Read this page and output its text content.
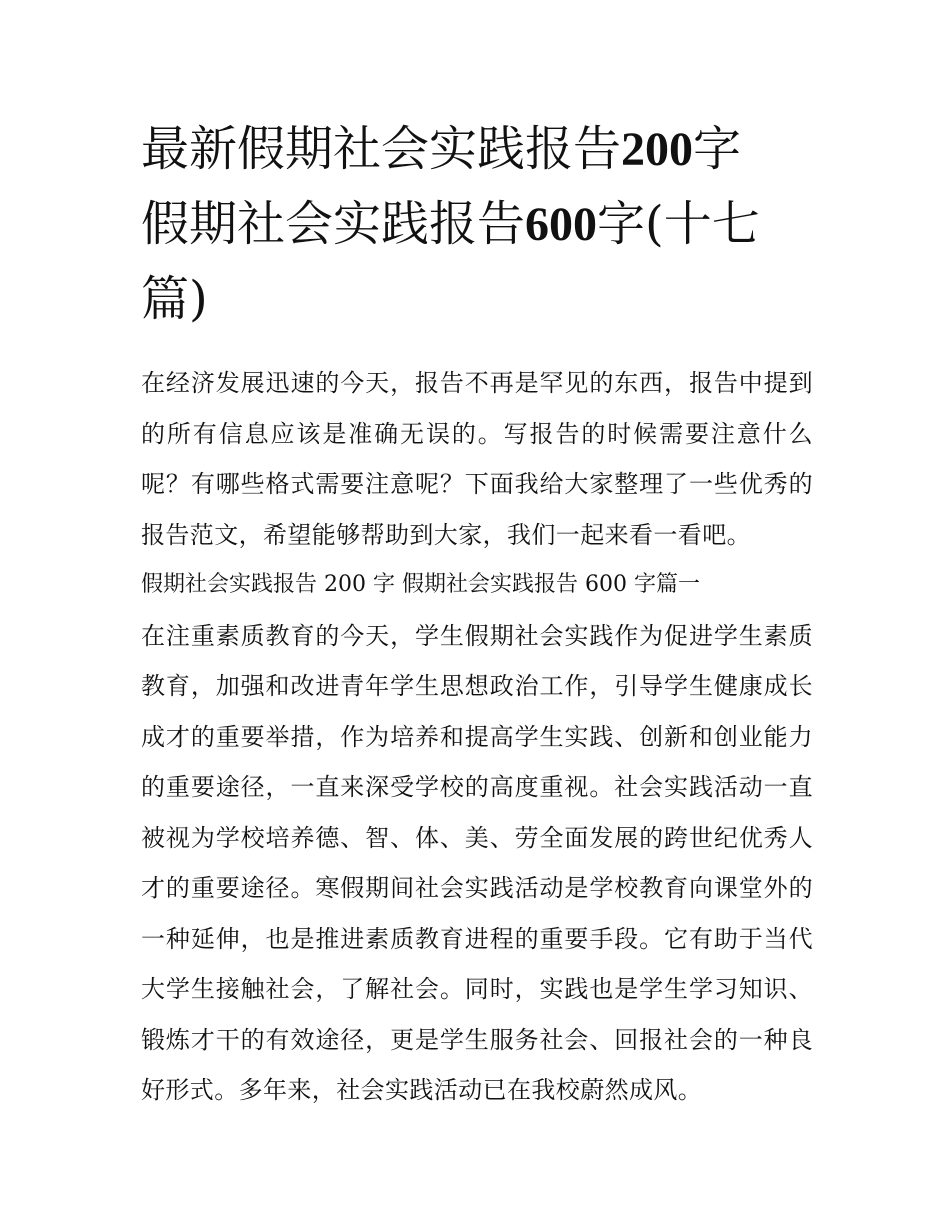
最新假期社会实践报告200字
假期社会实践报告600字(十七篇)

在经济发展迅速的今天，报告不再是罕见的东西，报告中提到的所有信息应该是准确无误的。写报告的时候需要注意什么呢？有哪些格式需要注意呢？下面我给大家整理了一些优秀的报告范文，希望能够帮助到大家，我们一起来看一看吧。

假期社会实践报告 200 字 假期社会实践报告 600 字篇一

在注重素质教育的今天，学生假期社会实践作为促进学生素质教育，加强和改进青年学生思想政治工作，引导学生健康成长成才的重要举措，作为培养和提高学生实践、创新和创业能力的重要途径，一直来深受学校的高度重视。社会实践活动一直被视为学校培养德、智、体、美、劳全面发展的跨世纪优秀人才的重要途径。寒假期间社会实践活动是学校教育向课堂外的一种延伸，也是推进素质教育进程的重要手段。它有助于当代大学生接触社会，了解社会。同时，实践也是学生学习知识、锻炼才干的有效途径，更是学生服务社会、回报社会的一种良好形式。多年来，社会实践活动已在我校蔚然成风。
